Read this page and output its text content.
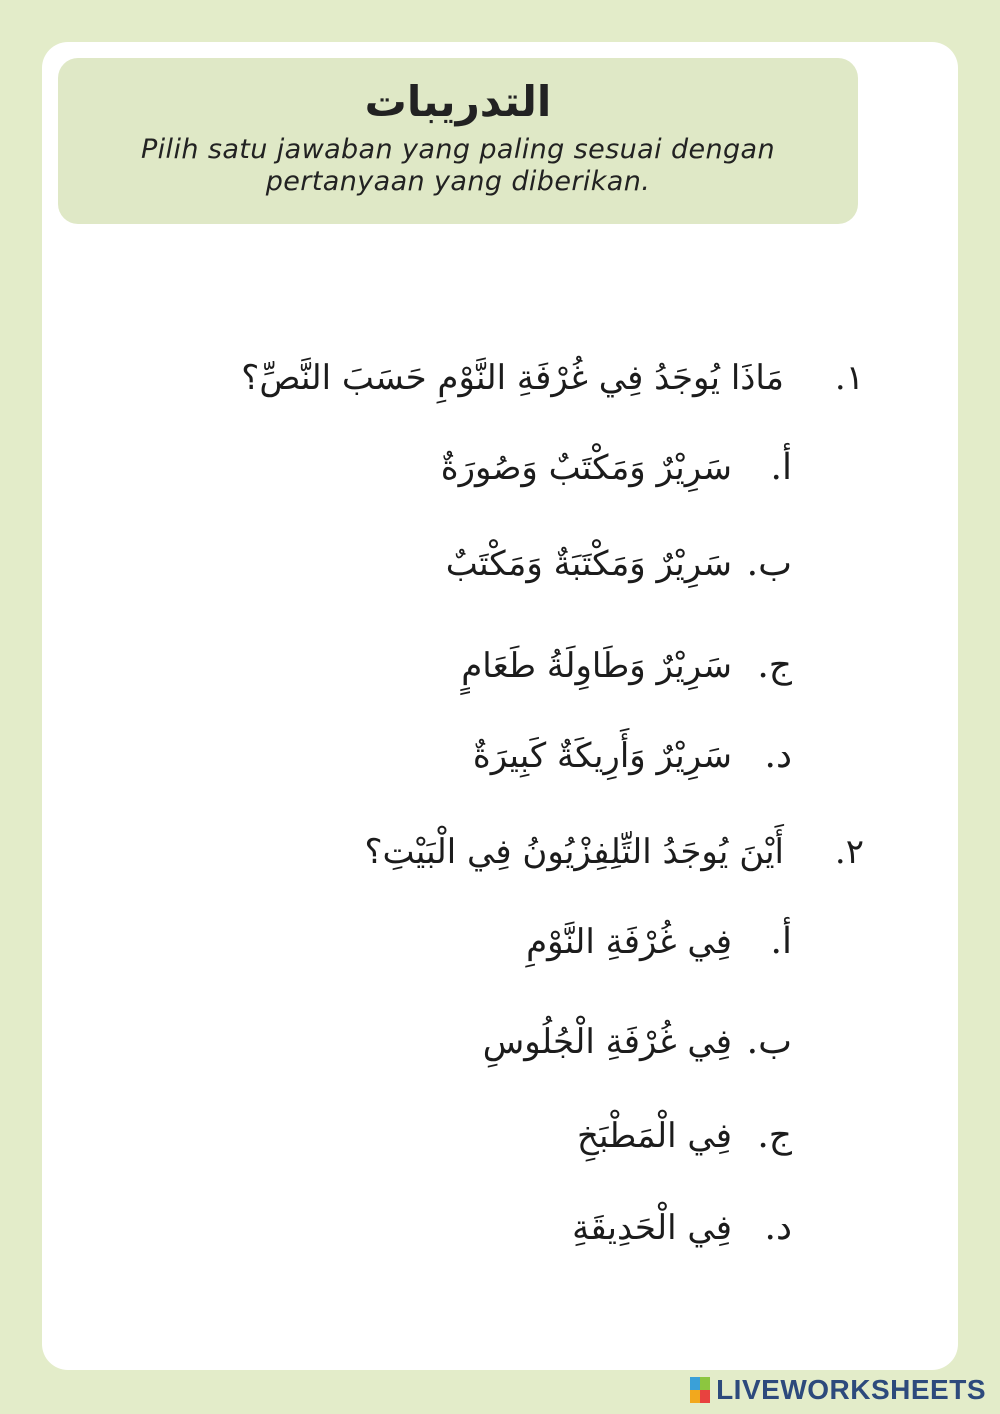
التدريبات
Pilih satu jawaban yang paling sesuai dengan pertanyaan yang diberikan.
١.
مَاذَا يُوجَدُ فِي غُرْفَةِ النَّوْمِ حَسَبَ النَّصِّ؟
أ.
سَرِيْرٌ وَمَكْتَبٌ وَصُورَةٌ
ب.
سَرِيْرٌ وَمَكْتَبَةٌ وَمَكْتَبٌ
ج.
سَرِيْرٌ وَطَاوِلَةُ طَعَامٍ
د.
سَرِيْرٌ وَأَرِيكَةٌ كَبِيرَةٌ
٢.
أَيْنَ يُوجَدُ التِّلِفِزْيُونُ فِي الْبَيْتِ؟
أ.
فِي غُرْفَةِ النَّوْمِ
ب.
فِي غُرْفَةِ الْجُلُوسِ
ج.
فِي الْمَطْبَخِ
د.
فِي الْحَدِيقَةِ
LIVEWORKSHEETS
